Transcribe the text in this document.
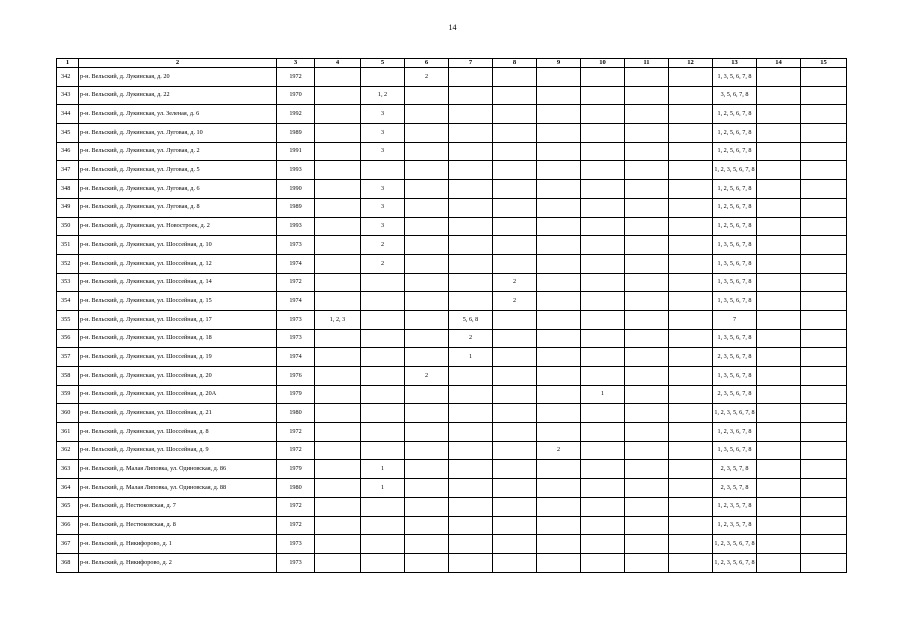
14
1	2	3	4	5	6	7	8	9	10	11	12	13	14	15
342	р-н. Вельский, д. Лукинская, д. 20	1972			2							1, 3, 5, 6, 7, 8		
343	р-н. Вельский, д. Лукинская, д. 22	1970		1, 2								3, 5, 6, 7, 8		
344	р-н. Вельский, д. Лукинская, ул. Зеленая, д. 6	1992		3								1, 2, 5, 6, 7, 8		
345	р-н. Вельский, д. Лукинская, ул. Луговая, д. 10	1989		3								1, 2, 5, 6, 7, 8		
346	р-н. Вельский, д. Лукинская, ул. Луговая, д. 2	1991		3								1, 2, 5, 6, 7, 8		
347	р-н. Вельский, д. Лукинская, ул. Луговая, д. 5	1993										1, 2, 3, 5, 6, 7, 8		
348	р-н. Вельский, д. Лукинская, ул. Луговая, д. 6	1990		3								1, 2, 5, 6, 7, 8		
349	р-н. Вельский, д. Лукинская, ул. Луговая, д. 8	1989		3								1, 2, 5, 6, 7, 8		
350	р-н. Вельский, д. Лукинская, ул. Новостроек, д. 2	1993		3								1, 2, 5, 6, 7, 8		
351	р-н. Вельский, д. Лукинская, ул. Шоссейная, д. 10	1973		2								1, 3, 5, 6, 7, 8		
352	р-н. Вельский, д. Лукинская, ул. Шоссейная, д. 12	1974		2								1, 3, 5, 6, 7, 8		
353	р-н. Вельский, д. Лукинская, ул. Шоссейная, д. 14	1972					2					1, 3, 5, 6, 7, 8		
354	р-н. Вельский, д. Лукинская, ул. Шоссейная, д. 15	1974					2					1, 3, 5, 6, 7, 8		
355	р-н. Вельский, д. Лукинская, ул. Шоссейная, д. 17	1973	1, 2, 3			5, 6, 8						7		
356	р-н. Вельский, д. Лукинская, ул. Шоссейная, д. 18	1973				2						1, 3, 5, 6, 7, 8		
357	р-н. Вельский, д. Лукинская, ул. Шоссейная, д. 19	1974				1						2, 3, 5, 6, 7, 8		
358	р-н. Вельский, д. Лукинская, ул. Шоссейная, д. 20	1976			2							1, 3, 5, 6, 7, 8		
359	р-н. Вельский, д. Лукинская, ул. Шоссейная, д. 20А	1979							1			2, 3, 5, 6, 7, 8		
360	р-н. Вельский, д. Лукинская, ул. Шоссейная, д. 21	1980										1, 2, 3, 5, 6, 7, 8		
361	р-н. Вельский, д. Лукинская, ул. Шоссейная, д. 8	1972										1, 2, 3, 6, 7, 8		
362	р-н. Вельский, д. Лукинская, ул. Шоссейная, д. 9	1972						2				1, 3, 5, 6, 7, 8		
363	р-н. Вельский, д. Малая Липовка, ул. Одиновская, д. 86	1979		1								2, 3, 5, 7, 8		
364	р-н. Вельский, д. Малая Липовка, ул. Одиновская, д. 88	1980		1								2, 3, 5, 7, 8		
365	р-н. Вельский, д. Нестюковская, д. 7	1972										1, 2, 3, 5, 7, 8		
366	р-н. Вельский, д. Нестюковская, д. 8	1972										1, 2, 3, 5, 7, 8		
367	р-н. Вельский, д. Никифорово, д. 1	1973										1, 2, 3, 5, 6, 7, 8		
368	р-н. Вельский, д. Никифорово, д. 2	1973										1, 2, 3, 5, 6, 7, 8		
